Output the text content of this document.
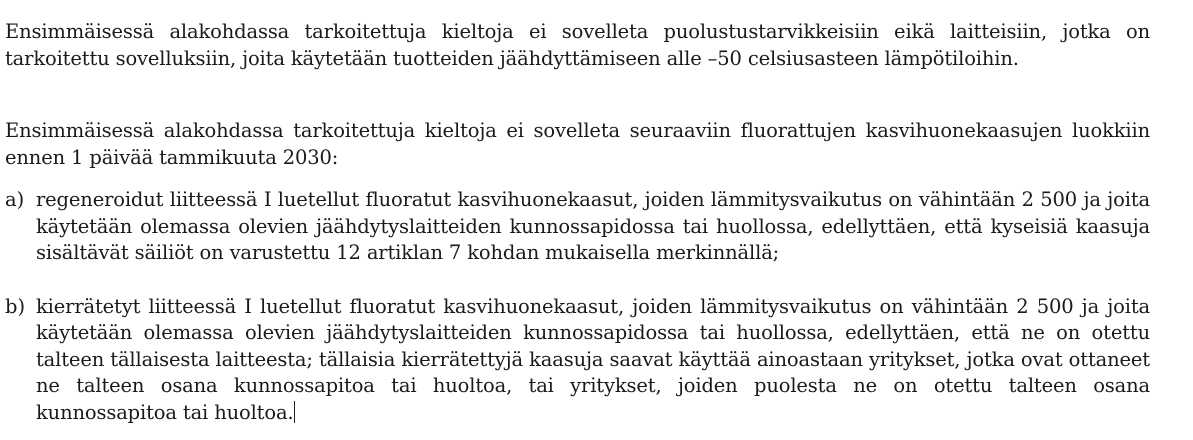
Ensimmäisessä alakohdassa tarkoitettuja kieltoja ei sovelleta puolustustarvikkeisiin eikä laitteisiin, jotka on tarkoitettu sovelluksiin, joita käytetään tuotteiden jäähdyttämiseen alle –50 celsiusasteen lämpötiloihin.

Ensimmäisessä alakohdassa tarkoitettuja kieltoja ei sovelleta seuraaviin fluorattujen kasvihuonekaasujen luokkiin ennen 1 päivää tammikuuta 2030:

a) regeneroidut liitteessä I luetellut fluoratut kasvihuonekaasut, joiden lämmitysvaikutus on vähintään 2 500 ja joita käytetään olemassa olevien jäähdytyslaitteiden kunnossapidossa tai huollossa, edellyttäen, että kyseisiä kaasuja sisältävät säiliöt on varustettu 12 artiklan 7 kohdan mukaisella merkinnällä;
b) kierrätetyt liitteessä I luetellut fluoratut kasvihuonekaasut, joiden lämmitysvaikutus on vähintään 2 500 ja joita käytetään olemassa olevien jäähdytyslaitteiden kunnossapidossa tai huollossa, edellyttäen, että ne on otettu talteen tällaisesta laitteesta; tällaisia kierrätettyjä kaasuja saavat käyttää ainoastaan yritykset, jotka ovat ottaneet ne talteen osana kunnossapitoa tai huoltoa, tai yritykset, joiden puolesta ne on otettu talteen osana kunnossapitoa tai huoltoa.
